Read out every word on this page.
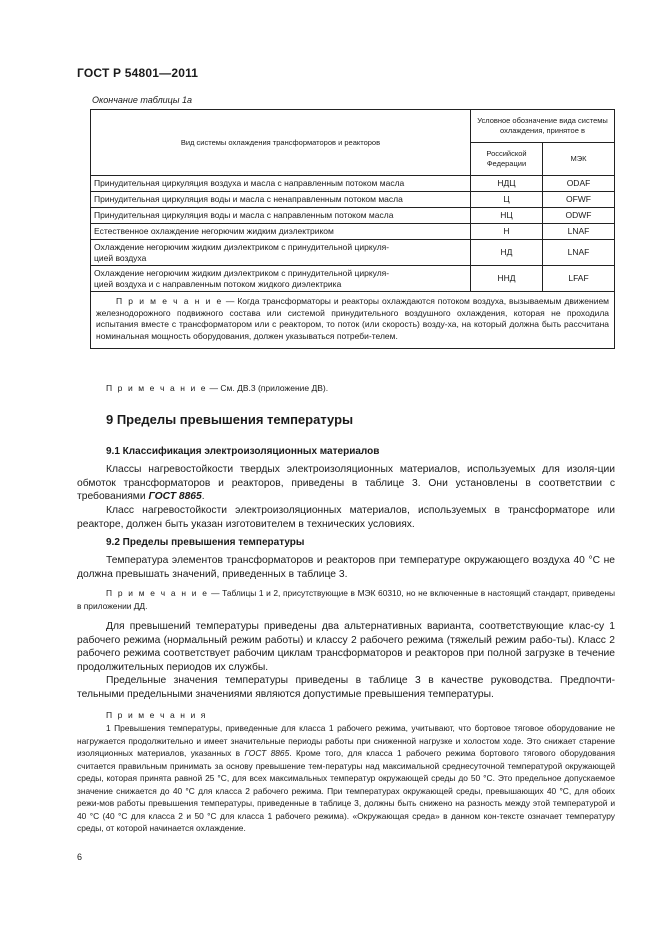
ГОСТ Р 54801—2011
Окончание таблицы 1а
Вид системы охлаждения трансформаторов и реакторов	Условное обозначение вида системы охлаждения, принятое в	
	Российской Федерации	МЭК
Принудительная циркуляция воздуха и масла с направленным потоком масла	НДЦ	ODAF
Принудительная циркуляция воды и масла с ненаправленным потоком масла	Ц	OFWF
Принудительная циркуляция воды и масла с направленным потоком масла	НЦ	ODWF
Естественное охлаждение негорючим жидким диэлектриком	Н	LNAF
Охлаждение негорючим жидким диэлектриком с принудительной циркуля-
цией воздуха	НД	LNAF
Охлаждение негорючим жидким диэлектриком с принудительной циркуля-
цией воздуха и с направленным потоком жидкого диэлектрика	ННД	LFAF
П р и м е ч а н и е — Когда трансформаторы и реакторы охлаждаются потоком воздуха, вызываемым движением железнодорожного подвижного состава или системой принудительного воздушного охлаждения, которая не проходила испытания вместе с трансформатором или с реактором, то поток (или скорость) возду-ха, на который должна быть рассчитана номинальная мощность оборудования, должен указываться потреби-телем.		
П р и м е ч а н и е — См. ДВ.3 (приложение ДВ).
9 Пределы превышения температуры
9.1 Классификация электроизоляционных материалов
Классы нагревостойкости твердых электроизоляционных материалов, используемых для изоля-ции обмоток трансформаторов и реакторов, приведены в таблице 3. Они установлены в соответствии с требованиями ГОСТ 8865.
Класс нагревостойкости электроизоляционных материалов, используемых в трансформаторе или реакторе, должен быть указан изготовителем в технических условиях.
9.2 Пределы превышения температуры
Температура элементов трансформаторов и реакторов при температуре окружающего воздуха 40 °С не должна превышать значений, приведенных в таблице 3.
П р и м е ч а н и е — Таблицы 1 и 2, присутствующие в МЭК 60310, но не включенные в настоящий стандарт, приведены в приложении ДД.
Для превышений температуры приведены два альтернативных варианта, соответствующие клас-су 1 рабочего режима (нормальный режим работы) и классу 2 рабочего режима (тяжелый режим рабо-ты). Класс 2 рабочего режима соответствует рабочим циклам трансформаторов и реакторов при полной загрузке в течение продолжительных периодов их службы.
Предельные значения температуры приведены в таблице 3 в качестве руководства. Предпочти-тельными предельными значениями являются допустимые превышения температуры.
П р и м е ч а н и я
1 Превышения температуры, приведенные для класса 1 рабочего режима, учитывают, что бортовое тяговое оборудование не нагружается продолжительно и имеет значительные периоды работы при сниженной нагрузке и холостом ходе. Это снижает старение изоляционных материалов, указанных в ГОСТ 8865. Кроме того, для класса 1 рабочего режима бортового тягового оборудования считается правильным принимать за основу превышение тем-пературы над максимальной среднесуточной температурой окружающей среды, которая принята равной 25 °С, для всех максимальных температур окружающей среды до 50 °С. Это предельное допускаемое значение снижается до 40 °С для класса 2 рабочего режима. При температурах окружающей среды, превышающих 40 °С, для обоих режи-мов работы превышения температуры, приведенные в таблице 3, должны быть снижено на разность между этой температурой и 40 °С (40 °С для класса 2 и 50 °С для класса 1 рабочего режима). «Окружающая среда» в данном кон-тексте означает температуру среды, от которой начинается охлаждение.
6
